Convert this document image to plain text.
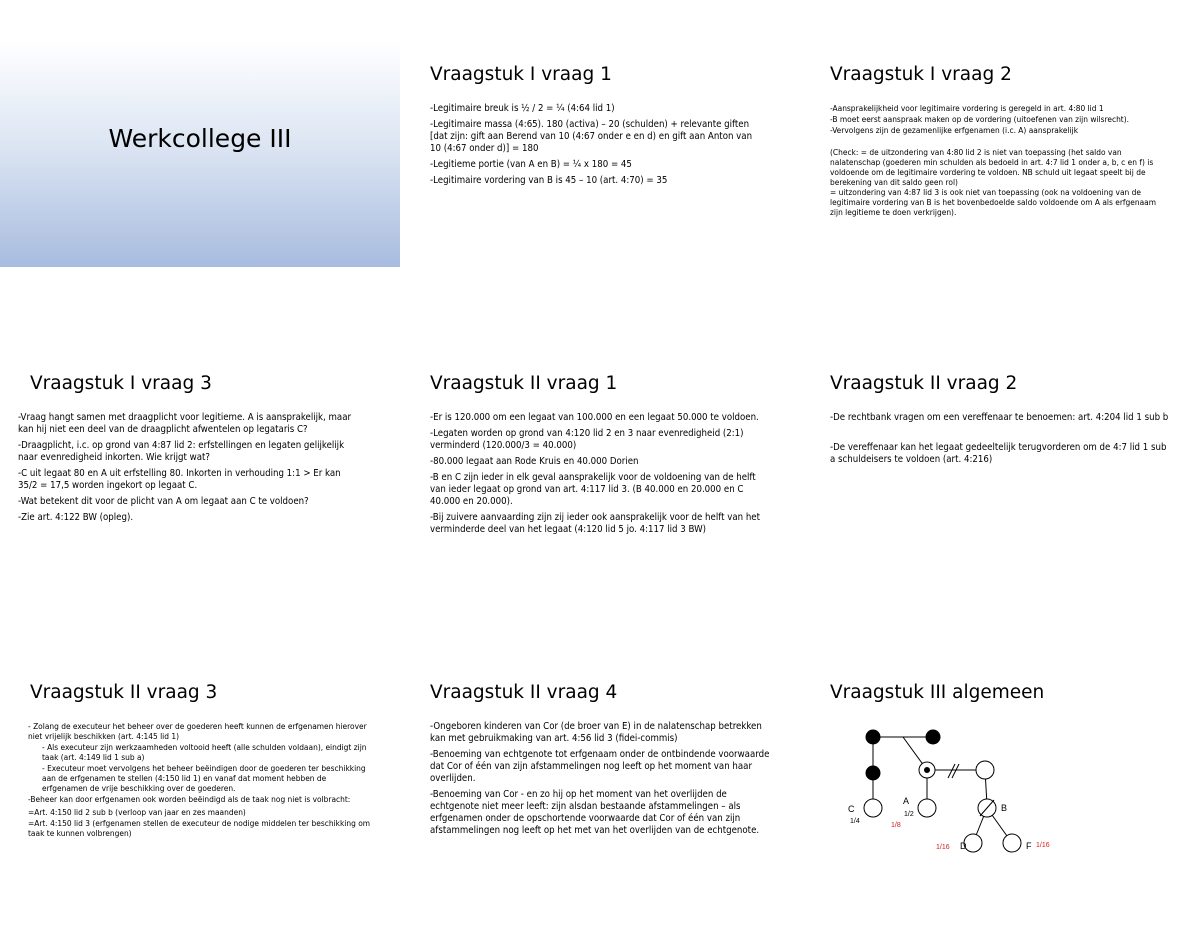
Werkcollege III
Vraagstuk I vraag 1

-Legitimaire breuk is ½ / 2 = ¼ (4:64 lid 1)

-Legitimaire massa (4:65). 180 (activa) – 20 (schulden) + relevante giften [dat zijn: gift aan Berend van 10 (4:67 onder e en d) en gift aan Anton van 10 (4:67 onder d)] = 180

-Legitieme portie (van A en B) = ¼ x 180 = 45

-Legitimaire vordering van B is 45 – 10 (art. 4:70) = 35

Vraagstuk I vraag 2

-Aansprakelijkheid voor legitimaire vordering is geregeld in art. 4:80 lid 1

-B moet eerst aanspraak maken op de vordering (uitoefenen van zijn wilsrecht).

-Vervolgens zijn de gezamenlijke erfgenamen (i.c. A) aansprakelijk

(Check: = de uitzondering van 4:80 lid 2 is niet van toepassing (het saldo van nalatenschap (goederen min schulden als bedoeld in art. 4:7 lid 1 onder a, b, c en f) is voldoende om de legitimaire vordering te voldoen. NB schuld uit legaat speelt bij de berekening van dit saldo geen rol)

= uitzondering van 4:87 lid 3 is ook niet van toepassing (ook na voldoening van de legitimaire vordering van B is het bovenbedoelde saldo voldoende om A als erfgenaam zijn legitieme te doen verkrijgen).

Vraagstuk I vraag 3

-Vraag hangt samen met draagplicht voor legitieme. A is aansprakelijk, maar kan hij niet een deel van de draagplicht afwentelen op legataris C?

-Draagplicht, i.c. op grond van 4:87 lid 2: erfstellingen en legaten gelijkelijk naar evenredigheid inkorten. Wie krijgt wat?

-C uit legaat 80 en A uit erfstelling 80. Inkorten in verhouding 1:1 > Er kan 35/2 = 17,5 worden ingekort op legaat C.

-Wat betekent dit voor de plicht van A om legaat aan C te voldoen?

-Zie art. 4:122 BW (opleg).

Vraagstuk II vraag 1

-Er is 120.000 om een legaat van 100.000 en een legaat 50.000 te voldoen.

-Legaten worden op grond van 4:120 lid 2 en 3 naar evenredigheid (2:1) verminderd (120.000/3 = 40.000)

-80.000 legaat aan Rode Kruis en 40.000 Dorien

-B en C zijn ieder in elk geval aansprakelijk voor de voldoening van de helft van ieder legaat op grond van art. 4:117 lid 3. (B 40.000 en 20.000 en C 40.000 en 20.000).

-Bij zuivere aanvaarding zijn zij ieder ook aansprakelijk voor de helft van het verminderde deel van het legaat (4:120 lid 5 jo. 4:117 lid 3 BW)

Vraagstuk II vraag 2

-De rechtbank vragen om een vereffenaar te benoemen: art. 4:204 lid 1 sub b

-De vereffenaar kan het legaat gedeeltelijk terugvorderen om de 4:7 lid 1 sub a schuldeisers te voldoen (art. 4:216)

Vraagstuk II vraag 3

- Zolang de executeur het beheer over de goederen heeft kunnen de erfgenamen hierover niet vrijelijk beschikken (art. 4:145 lid 1)

- Als executeur zijn werkzaamheden voltooid heeft (alle schulden voldaan), eindigt zijn taak (art. 4:149 lid 1 sub a)

- Executeur moet vervolgens het beheer beëindigen door de goederen ter beschikking aan de erfgenamen te stellen (4:150 lid 1) en vanaf dat moment hebben de erfgenamen de vrije beschikking over de goederen.

-Beheer kan door erfgenamen ook worden beëindigd als de taak nog niet is volbracht:

=Art. 4:150 lid 2 sub b (verloop van jaar en zes maanden)

=Art. 4:150 lid 3 (erfgenamen stellen de executeur de nodige middelen ter beschikking om taak te kunnen volbrengen)

Vraagstuk II vraag 4

-Ongeboren kinderen van Cor (de broer van E) in de nalatenschap betrekken kan met gebruikmaking van art. 4:56 lid 3 (fidei-commis)

-Benoeming van echtgenote tot erfgenaam onder de ontbindende voorwaarde dat Cor of één van zijn afstammelingen nog leeft op het moment van haar overlijden.

-Benoeming van Cor - en zo hij op het moment van het overlijden de echtgenote niet meer leeft: zijn alsdan bestaande afstammelingen – als erfgenamen onder de opschortende voorwaarde dat Cor of één van zijn afstammelingen nog leeft op het met van het overlijden van de echtgenote.

Vraagstuk III algemeen
C
1/4
A
1/2
1/8
B
1/16 D	F 1/16
